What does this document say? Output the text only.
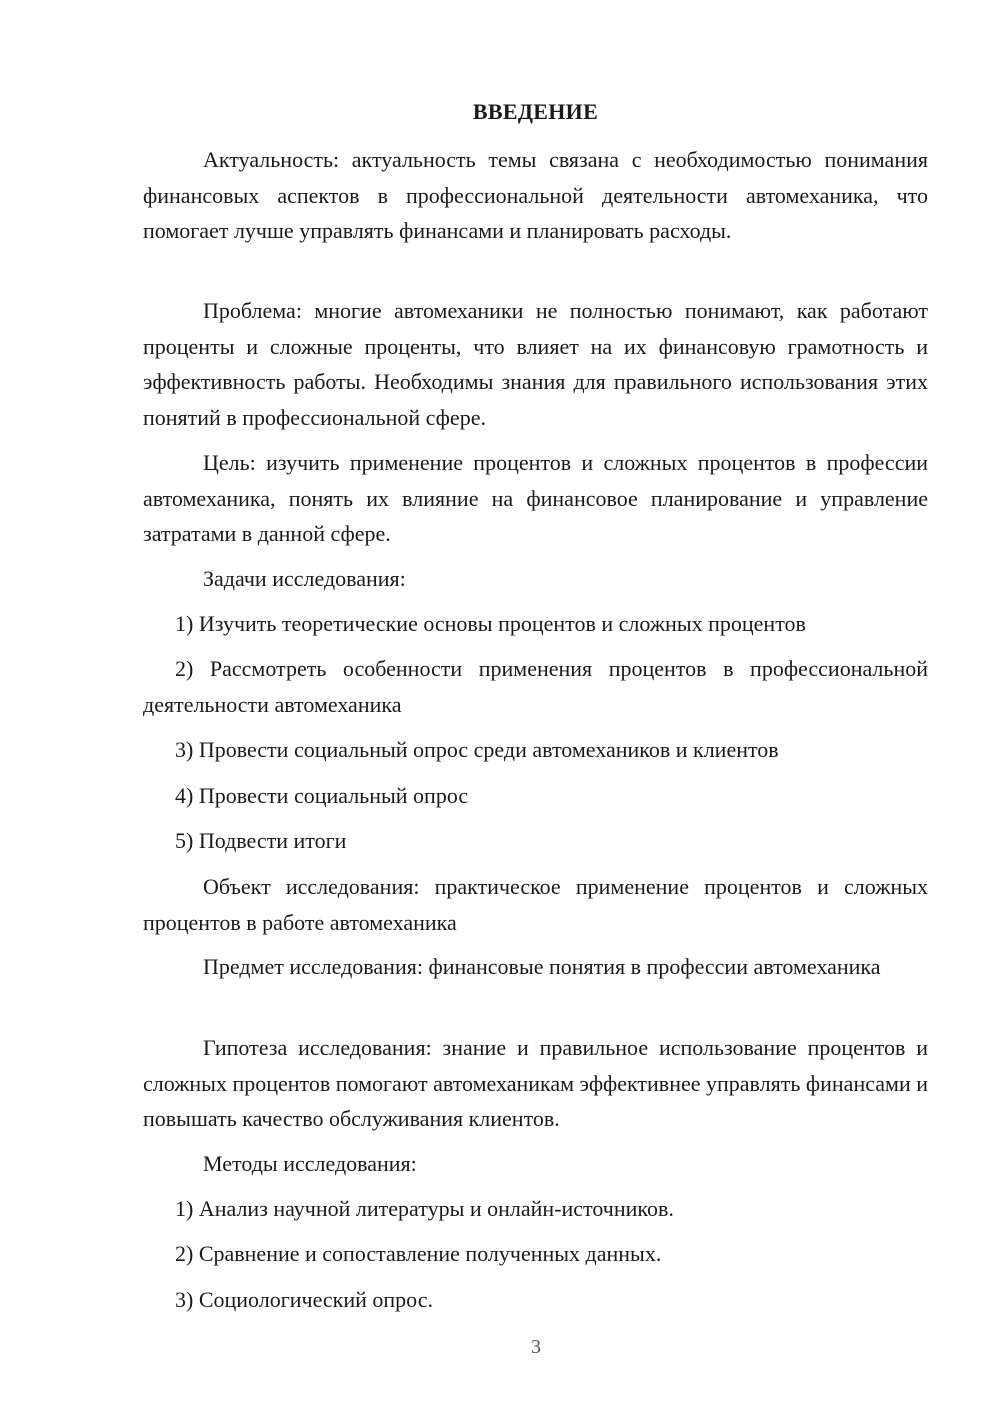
ВВЕДЕНИЕ

Актуальность: актуальность темы связана с необходимостью понимания финансовых аспектов в профессиональной деятельности автомеханика, что помогает лучше управлять финансами и планировать расходы.

Проблема: многие автомеханики не полностью понимают, как работают проценты и сложные проценты, что влияет на их финансовую грамотность и эффективность работы. Необходимы знания для правильного использования этих понятий в профессиональной сфере.

Цель: изучить применение процентов и сложных процентов в профессии автомеханика, понять их влияние на финансовое планирование и управление затратами в данной сфере.

Задачи исследования:

1) Изучить теоретические основы процентов и сложных процентов

2) Рассмотреть особенности применения процентов в профессиональной деятельности автомеханика

3) Провести социальный опрос среди автомехаников и клиентов

4) Провести социальный опрос

5) Подвести итоги

Объект исследования: практическое применение процентов и сложных процентов в работе автомеханика

Предмет исследования: финансовые понятия в профессии автомеханика

Гипотеза исследования: знание и правильное использование процентов и сложных процентов помогают автомеханикам эффективнее управлять финансами и повышать качество обслуживания клиентов.

Методы исследования:

1) Анализ научной литературы и онлайн-источников.

2) Сравнение и сопоставление полученных данных.

3) Социологический опрос.

3
